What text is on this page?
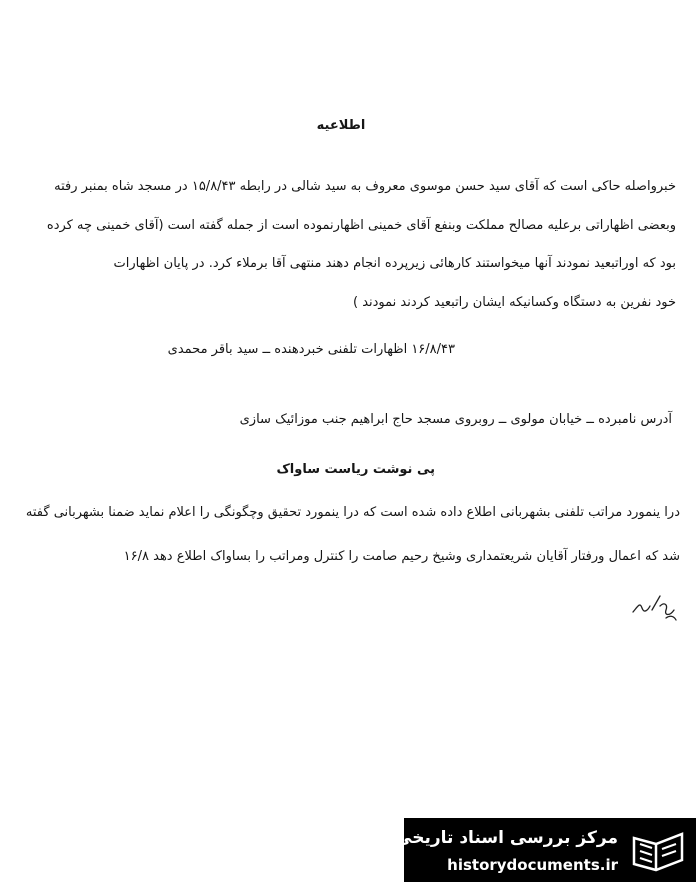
اطلاعیه
خبرواصله حاکی است که آقای سید حسن موسوی معروف به سید شالی در رابطه ۱۵/۸/۴۳ در مسجد شاه بمنبر رفته
وبعضی اظهاراتی برعلیه مصالح مملکت وبنفع آقای خمینی اظهارنموده است از جمله گفته است (آقای خمینی چه کرده
بود که اوراتبعید نمودند آنها میخواستند کارهائی زیرپرده انجام دهند منتهی آقا برملاء کرد. در پایان اظهارات
خود نفرین به دستگاه وکسانیکه ایشان راتبعید کردند نمودند )
۱۶/۸/۴۳ اظهارات تلفنی خبردهنده ــ سید باقر محمدی
آدرس نامبرده ــ خیابان مولوی ــ روبروی مسجد حاج ابراهیم جنب موزائیک سازی
پی نوشت ریاست ساواک
درا ینمورد مراتب تلفنی بشهربانی اطلاع داده شده است که درا ینمورد تحقیق وچگونگی را اعلام نماید ضمنا بشهربانی گفته
شد که اعمال ورفتار آقایان شریعتمداری وشیخ رحیم صامت را کنترل ومراتب را بساواک اطلاع دهد ۱۶/۸
مرکز بررسی اسناد تاریخی
historydocuments.ir
